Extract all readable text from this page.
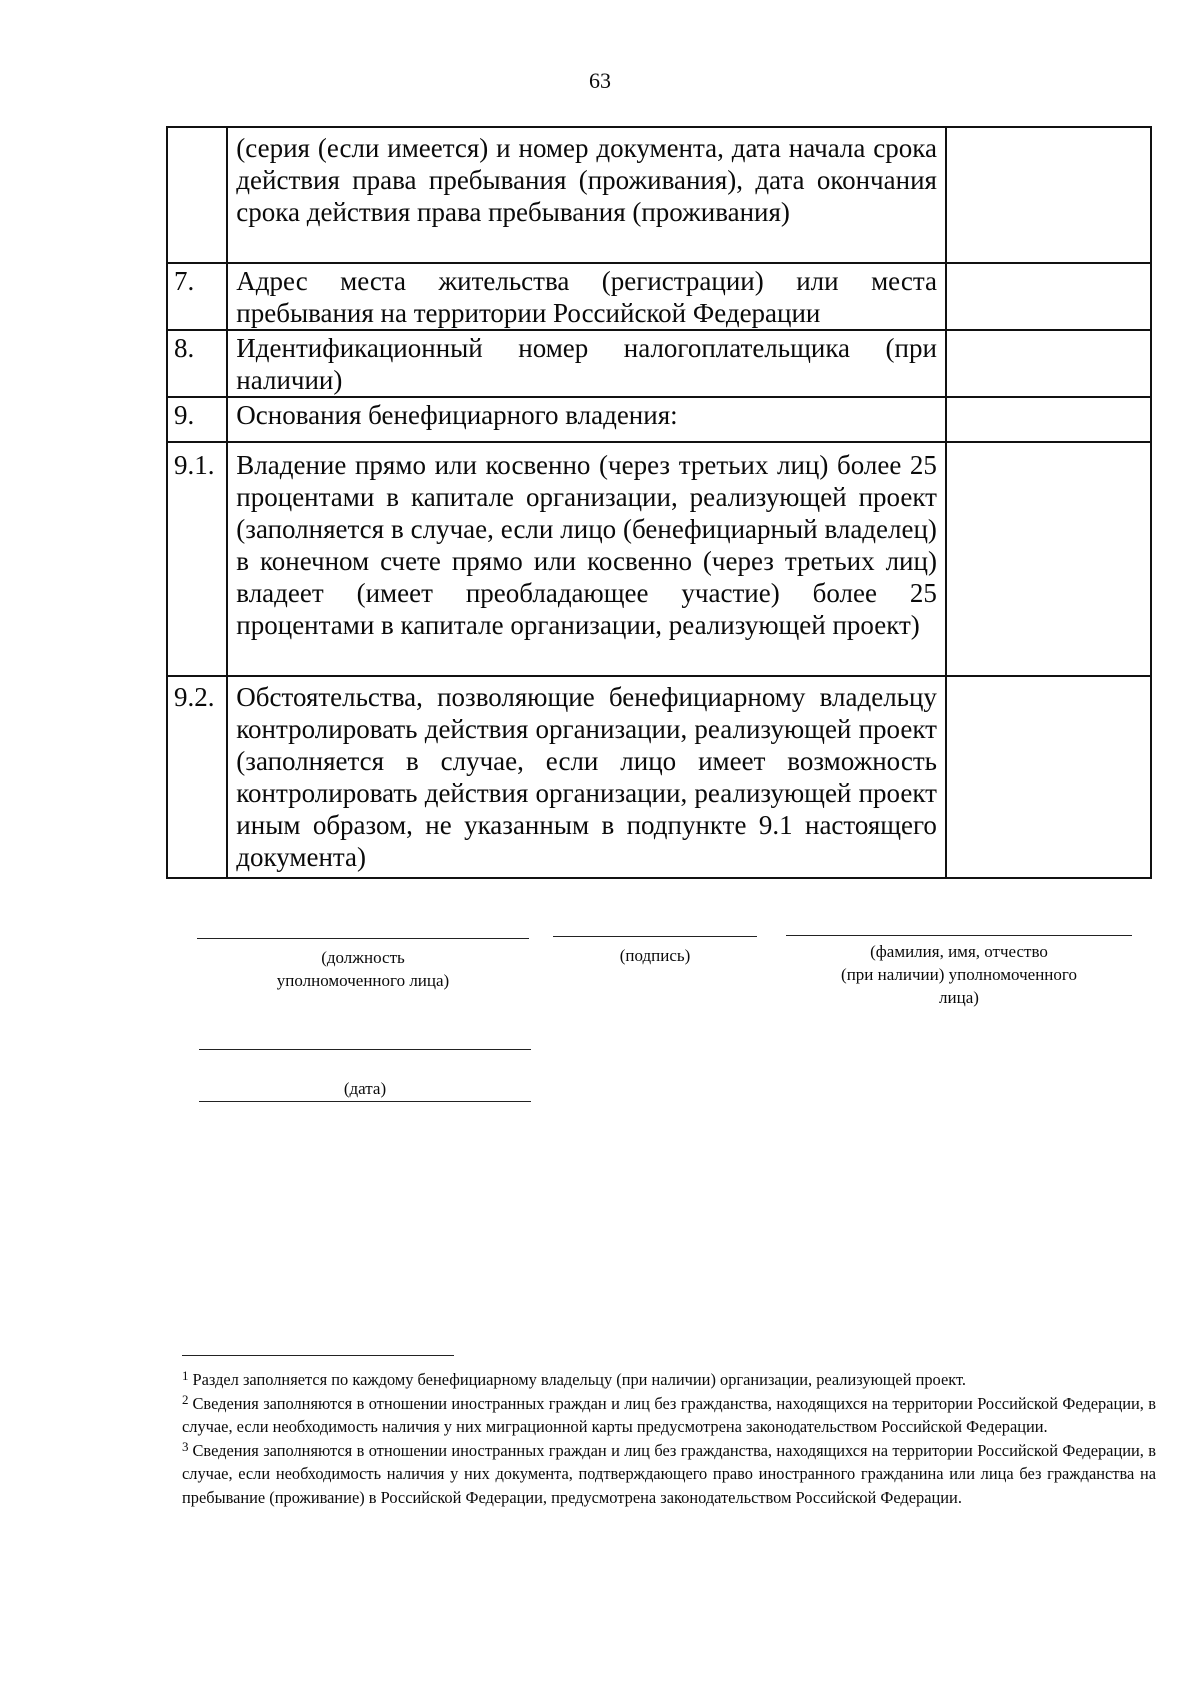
63
	(серия (если имеется) и номер документа, дата начала срока действия права пребывания (проживания), дата окончания срока действия права пребывания (проживания)	
7.	Адрес места жительства (регистрации) или места пребывания на территории Российской Федерации	
8.	Идентификационный номер налогоплательщика (при наличии)	
9.	Основания бенефициарного владения:	
9.1.	Владение прямо или косвенно (через третьих лиц) более 25 процентами в капитале организации, реализующей проект (заполняется в случае, если лицо (бенефициарный владелец) в конечном счете прямо или косвенно (через третьих лиц) владеет (имеет преобладающее участие) более 25 процентами в капитале организации, реализующей проект)	
9.2.	Обстоятельства, позволяющие бенефициарному владельцу контролировать действия организации, реализующей проект (заполняется в случае, если лицо имеет возможность контролировать действия организации, реализующей проект иным образом, не указанным в подпункте 9.1 настоящего документа)	
(должность
уполномоченного лица)
(подпись)	(фамилия, имя, отчество
(при наличии) уполномоченного
лица)
(дата)
$^1$ Раздел заполняется по каждому бенефициарному владельцу (при наличии) организации, реализующей проект.
$^2$ Сведения заполняются в отношении иностранных граждан и лиц без гражданства, находящихся на территории Российской Федерации, в случае, если необходимость наличия у них миграционной карты предусмотрена законодательством Российской Федерации.
$^3$ Сведения заполняются в отношении иностранных граждан и лиц без гражданства, находящихся на территории Российской Федерации, в случае, если необходимость наличия у них документа, подтверждающего право иностранного гражданина или лица без гражданства на пребывание (проживание) в Российской Федерации, предусмотрена законодательством Российской Федерации.
